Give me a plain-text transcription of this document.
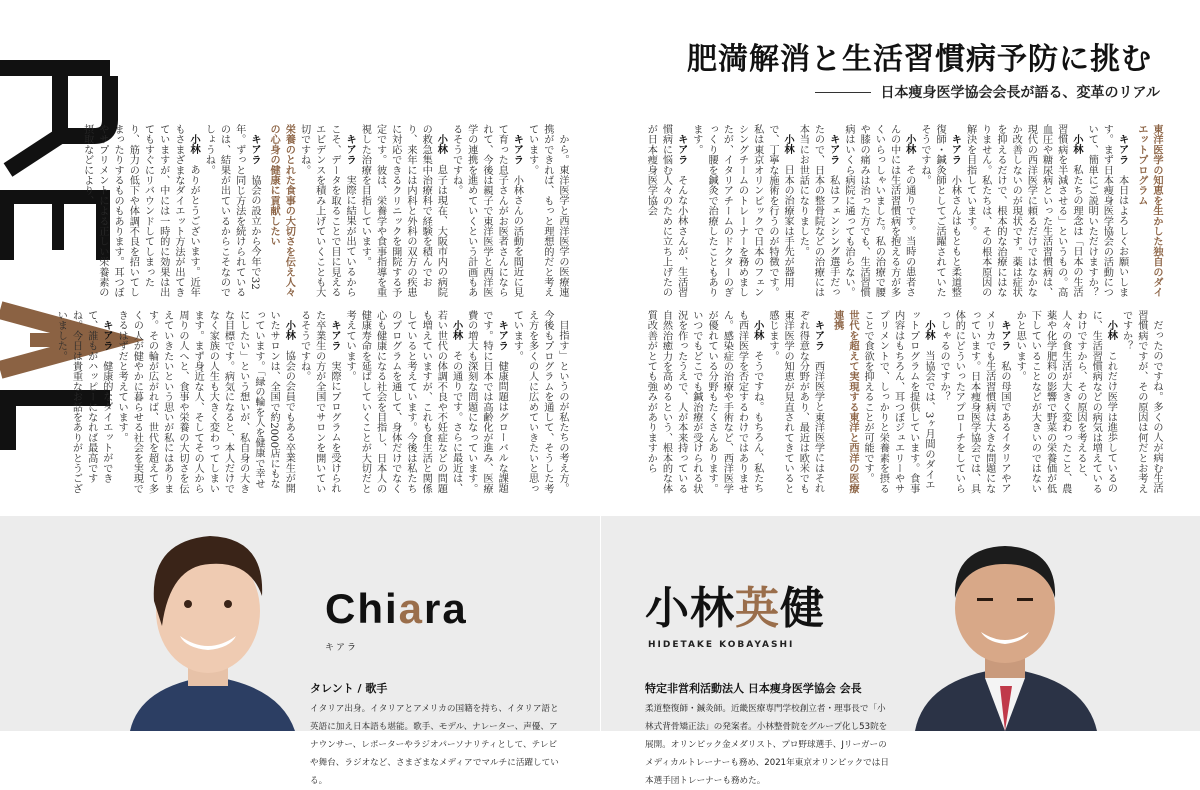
肥満解消と生活習慣病予防に挑む
日本痩身医学協会会長が語る、変革のリアル

東洋医学の知恵を生かした独自のダイエットプログラム

キアラ　本日はよろしくお願いします。まず日本痩身医学協会の活動について、簡単にご説明いただけますか？

小林　私たちの理念は「日本の生活習慣病を半減させる」というもの。高血圧や糖尿病といった生活習慣病は、現代の西洋医学に頼るだけではなかなか改善しないのが現状です。薬は症状を抑えるだけで、根本的な治療にはなりません。私たちは、その根本原因の解決を目指しています。

キアラ　小林さんはもともと柔道整復師・鍼灸師としてご活躍されていたそうですね。

小林　その通りです。当時の患者さんの中には生活習慣病を抱える方が多くいらっしゃいました。私の治療で腰や膝の痛みは治った方でも、生活習慣病はいくら病院に通っても治らない。

キアラ　私はフェンシング選手だったので、日本の整骨院などの治療には本当にお世話になりました。

小林　日本の治療家は手先が器用で、丁寧な施術を行うのが特徴です。私は東京オリンピックで日本のフェンシングチームのトレーナーを務めましたが、イタリアチームのドクターのぎっくり腰を鍼灸で治療したこともあります。

キアラ　そんな小林さんが、生活習慣病に悩む人々のために立ち上げたのが日本痩身医学協会

だったのですね。多くの人が病む生活習慣病ですが、その原因は何だとお考えですか？

小林　これだけ医学は進歩しているのに、生活習慣病などの病気は増えているわけですから、その原因を考えると、人々の食生活が大きく変わったこと、農薬や化学肥料の影響で野菜の栄養価が低下していることなどが大きいのではないかと思います。

キアラ　私の母国であるイタリアやアメリカでも生活習慣病は大きな問題になっています。日本痩身医学協会では、具体的にどういったアプローチをしていらっしゃるのですか？

小林　当協会では、3ヶ月間のダイエットプログラムを提供しています。食事内容はもちろん、耳つぼジュエリーやサプリメントで、しっかりと栄養素を摂ることで食欲を抑えることが可能です。

世代を超えて実現する東洋と西洋の医療連携

キアラ　西洋医学と東洋医学にはそれぞれ得意な分野があり、最近は欧米でも東洋医学の知恵が見直されてきていると感じます。

小林　そうですね。もちろん、私たちも西洋医学を否定するわけではありません。感染症の治療や手術など、西洋医学が優れている分野もたくさんあります。いつでもどこでも鍼治療が受けられる状況を作ったうえで、人が本来持っている自然治癒力を高めるという、根本的な体質改善がとても強みがありますから

から。東洋医学と西洋医学の医療連携ができれば、もっと理想的だと考えています。

キアラ　小林さんの活動を間近に見て育った息子さんがお医者さんになられて、今後は親子で東洋医学と西洋医学の連携を進めていくという計画もあるそうですね。

小林　息子は現在、大阪市内の病院の救急集中治療科で経験を積んでおり、来年には内科と外科の双方の疾患に対応できるクリニックを開院する予定です。彼は、栄養学や食事指導を重視した治療を目指しています。

キアラ　実際に結果が出ているからこそ、データを取ることで目に見えるエビデンスを積み上げていくことも大切ですね。

栄養のとれた食事の大切さを伝え人々の心身の健康に貢献したい

キアラ　協会の設立から今年で32年。ずっと同じ方法を続けられているのは、結果が出ているからこそなのでしょうね。

小林　ありがとうございます。近年もさまざまなダイエット方法が出てきていますが、中には一時的に効果は出てもすぐにリバウンドしてしまったり、筋力の低下や体調不良を招いてしまったりするものもあります。耳つぼやサプリメントによる正しい栄養素の摂取などにより、

目指す」というのが私たちの考え方。今後もプログラムを通して、そうした考え方を多くの人に広めていきたいと思っています。

キアラ　健康問題はグローバルな課題です。特に日本では高齢化が進み、医療費の増大も深刻な問題になっています。

小林　その通りです。さらに最近は、若い世代の体調不良や不妊症などの問題も増えていますが、これも食生活と関係していると考えています。今後は私たちのプログラムを通して、身体だけでなく心も健康になる社会を目指し、日本人の健康寿命を延ばしていくことが大切だと考えています。

キアラ　実際にプログラムを受けられた卒業生の方が全国でサロンを開いているそうですね。

小林　協会の会員でもある卒業生が開いたサロンは、全国で約2000店にもなっています。「緑の輪を人を健康で幸せにしたい」という想いが、私自身の大きな目標です。病気になると、本人だけでなく家族の人生も大きく変わってしまいます。まず身近な人、そしてその人から周りの人へと、食事や栄養の大切さを伝えていきたいという思いが私にはあります。その輪が広がれば、世代を超えて多くの人が健やかに暮らせる社会を実現できるはずだと考えています。

キアラ　健康的なダイエットができて、誰もがハッピーになれば最高ですね。今日は貴重なお話をありがとうございました。

Chiara
キアラ
タレント / 歌手
イタリア出身。イタリアとアメリカの国籍を持ち、イタリア語と英語に加え日本語も堪能。歌手、モデル、ナレーター、声優、アナウンサー、レポーターやラジオパーソナリティとして、テレビや舞台、ラジオなど、さまざまなメディアでマルチに活躍している。
小林英健
HIDETAKE KOBAYASHI
特定非営利活動法人 日本痩身医学協会 会長
柔道整復師・鍼灸師。近畿医療専門学校創立者・理事長で「小林式背骨矯正法」の発案者。小林整骨院をグループ化し53院を展開。オリンピック金メダリスト、プロ野球選手、Jリーガーのメディカルトレーナーも務め、2021年東京オリンピックでは日本選手団トレーナーも務めた。
